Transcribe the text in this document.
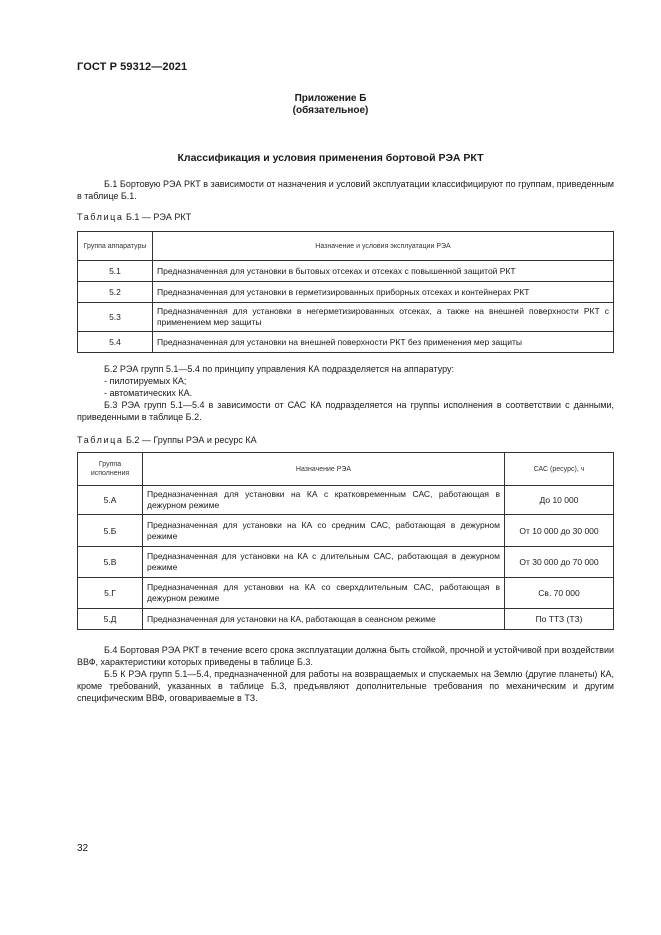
ГОСТ Р 59312—2021
Приложение Б
(обязательное)
Классификация и условия применения бортовой РЭА РКТ
Б.1 Бортовую РЭА РКТ в зависимости от назначения и условий эксплуатации классифицируют по группам, приведенным в таблице Б.1.
Таблица Б.1 — РЭА РКТ
Группа аппаратуры	Назначение и условия эксплуатации РЭА
5.1	Предназначенная для установки в бытовых отсеках и отсеках с повышенной защитой РКТ
5.2	Предназначенная для установки в герметизированных приборных отсеках и контейнерах РКТ
5.3	Предназначенная для установки в негерметизированных отсеках, а также на внешней поверхности РКТ с применением мер защиты
5.4	Предназначенная для установки на внешней поверхности РКТ без применения мер защиты
Б.2 РЭА групп 5.1—5.4 по принципу управления КА подразделяется на аппаратуру:
- пилотируемых КА;
- автоматических КА.
Б.3 РЭА групп 5.1—5.4 в зависимости от САС КА подразделяется на группы исполнения в соответствии с данными, приведенными в таблице Б.2.
Таблица Б.2 — Группы РЭА и ресурс КА
Группа исполнения	Назначение РЭА	САС (ресурс), ч
5.А	Предназначенная для установки на КА с кратковременным САС, работающая в дежурном режиме	До 10 000
5.Б	Предназначенная для установки на КА со средним САС, работающая в дежурном режиме	От 10 000 до 30 000
5.В	Предназначенная для установки на КА с длительным САС, работающая в дежурном режиме	От 30 000 до 70 000
5.Г	Предназначенная для установки на КА со сверхдлительным САС, работающая в дежурном режиме	Св. 70 000
5.Д	Предназначенная для установки на КА, работающая в сеансном режиме	По ТТЗ (ТЗ)
Б.4 Бортовая РЭА РКТ в течение всего срока эксплуатации должна быть стойкой, прочной и устойчивой при воздействии ВВФ, характеристики которых приведены в таблице Б.3.
Б.5 К РЭА групп 5.1—5.4, предназначенной для работы на возвращаемых и спускаемых на Землю (другие планеты) КА, кроме требований, указанных в таблице Б.3, предъявляют дополнительные требования по механическим и другим специфическим ВВФ, оговариваемые в ТЗ.
32
